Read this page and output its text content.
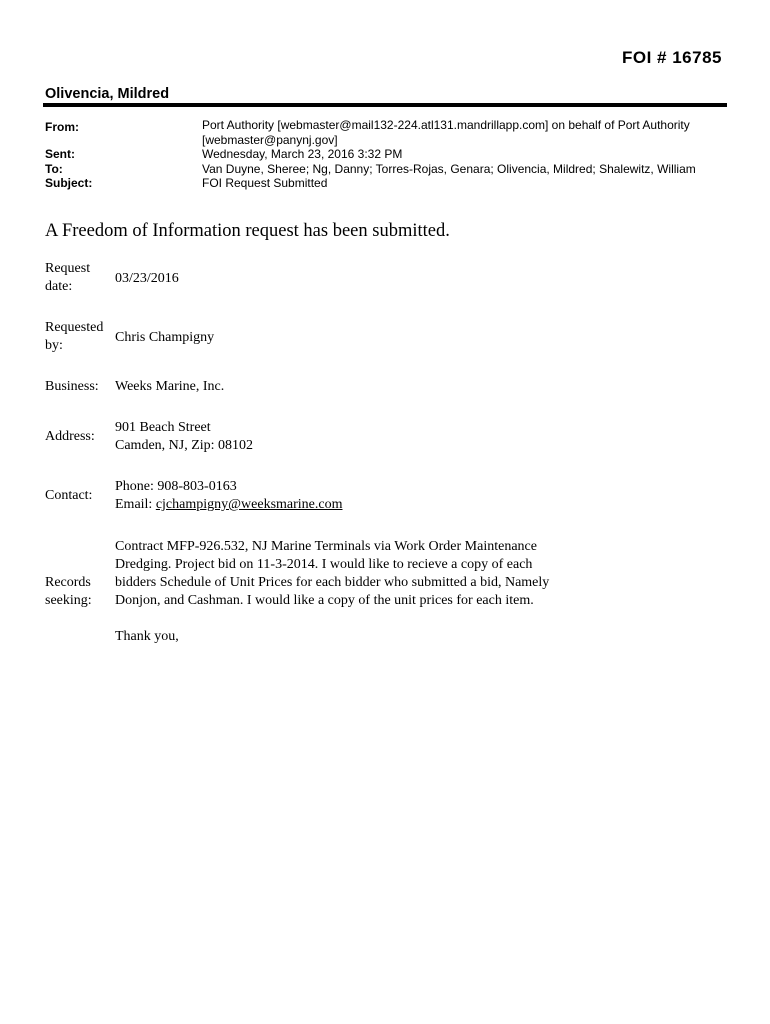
FOI # 16785
Olivencia, Mildred
From:	Port Authority [webmaster@mail132-224.atl131.mandrillapp.com] on behalf of Port Authority
[webmaster@panynj.gov]
Sent:	Wednesday, March 23, 2016 3:32 PM
To:	Van Duyne, Sheree; Ng, Danny; Torres-Rojas, Genara; Olivencia, Mildred; Shalewitz, William
Subject:	FOI Request Submitted
A Freedom of Information request has been submitted.
Request
date:
03/23/2016
Requested
by:
Chris Champigny
Business:	Weeks Marine, Inc.
Address:
901 Beach Street
Camden, NJ, Zip: 08102
Contact:
Phone: 908-803-0163
Email: cjchampigny@weeksmarine.com
Records
seeking:
Contract MFP-926.532, NJ Marine Terminals via Work Order Maintenance
Dredging. Project bid on 11-3-2014. I would like to recieve a copy of each
bidders Schedule of Unit Prices for each bidder who submitted a bid, Namely
Donjon, and Cashman. I would like a copy of the unit prices for each item.
Thank you,
